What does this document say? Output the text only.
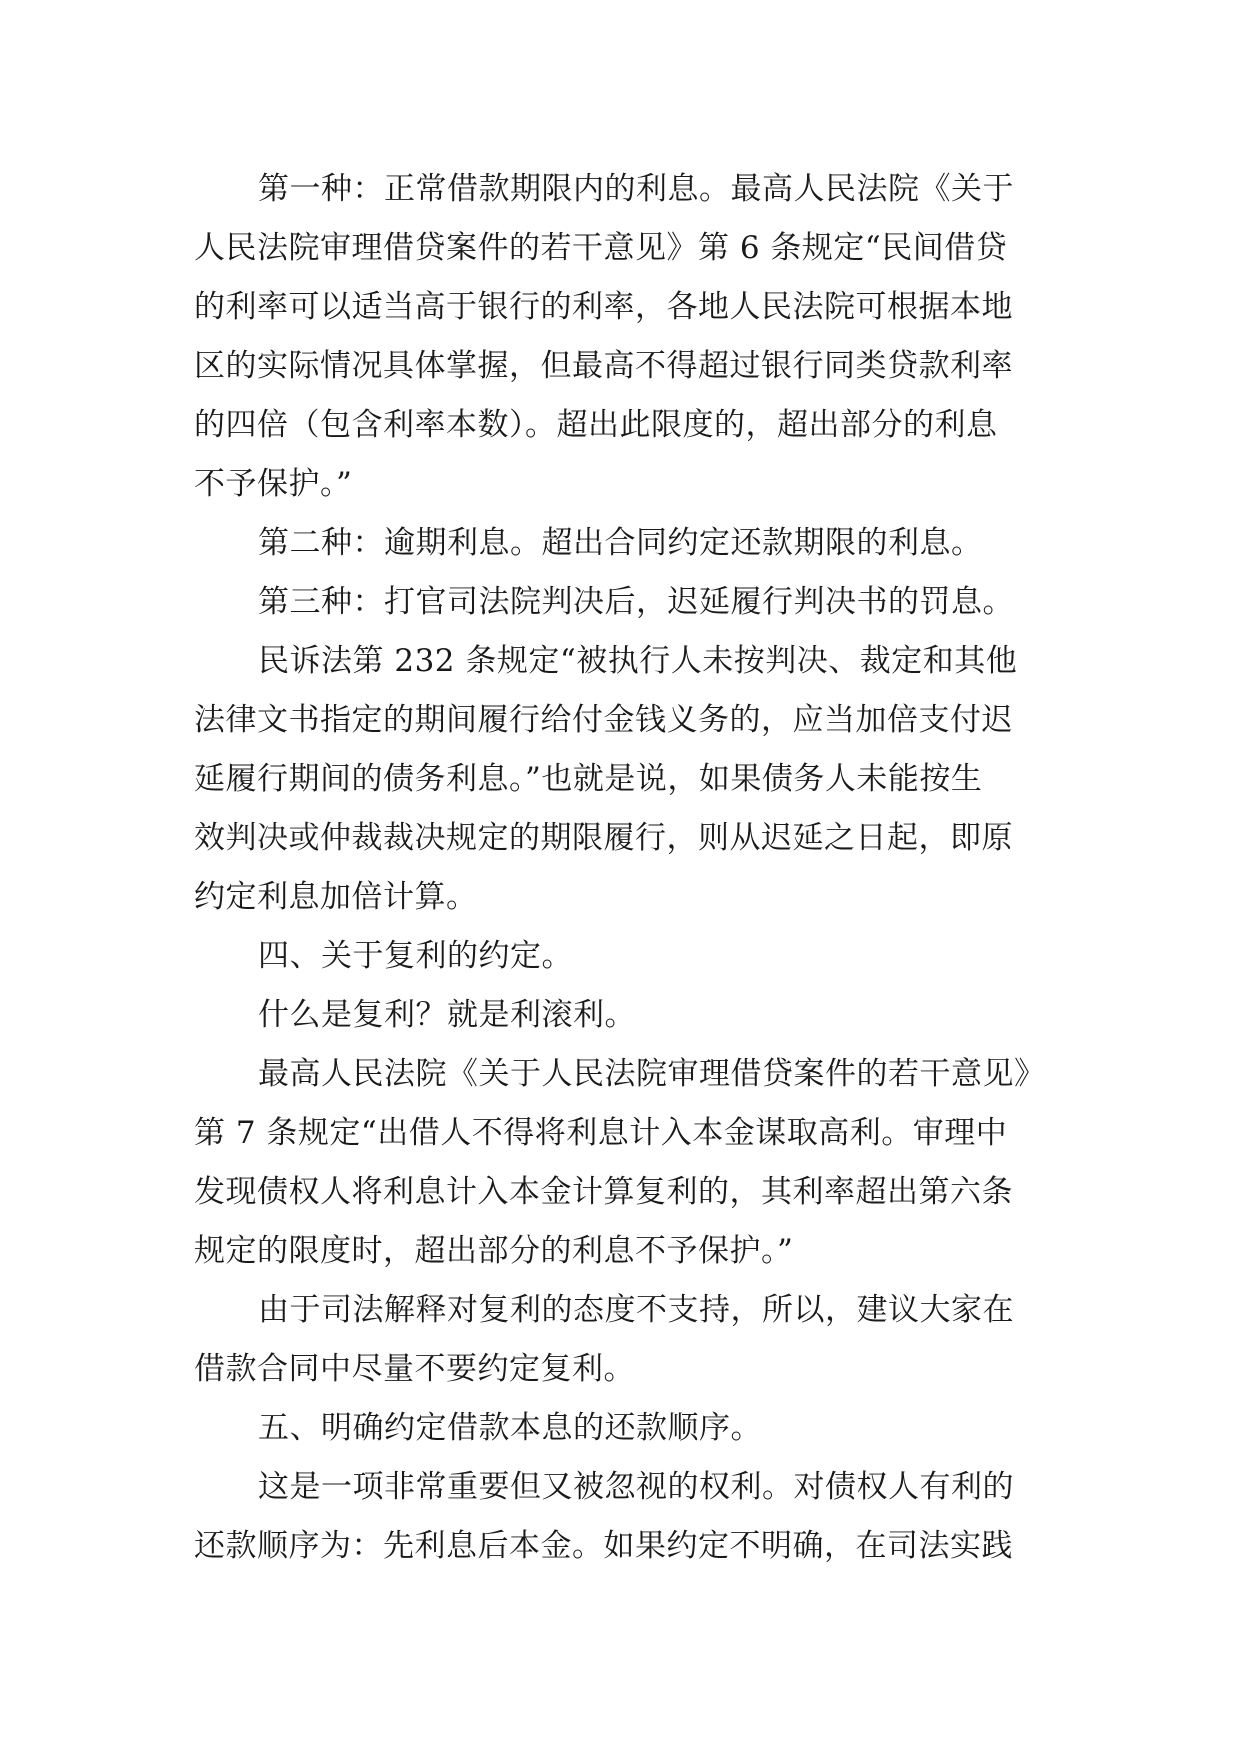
第一种：正常借款期限内的利息。最高人民法院《关于
人民法院审理借贷案件的若干意见》第 6 条规定“民间借贷
的利率可以适当高于银行的利率，各地人民法院可根据本地
区的实际情况具体掌握，但最高不得超过银行同类贷款利率
的四倍（包含利率本数）。超出此限度的，超出部分的利息
不予保护。”
第二种：逾期利息。超出合同约定还款期限的利息。
第三种：打官司法院判决后，迟延履行判决书的罚息。
民诉法第 232 条规定“被执行人未按判决、裁定和其他
法律文书指定的期间履行给付金钱义务的，应当加倍支付迟
延履行期间的债务利息。”也就是说，如果债务人未能按生
效判决或仲裁裁决规定的期限履行，则从迟延之日起，即原
约定利息加倍计算。
四、关于复利的约定。
什么是复利？就是利滚利。
最高人民法院《关于人民法院审理借贷案件的若干意见》
第 7 条规定“出借人不得将利息计入本金谋取高利。审理中
发现债权人将利息计入本金计算复利的，其利率超出第六条
规定的限度时，超出部分的利息不予保护。”
由于司法解释对复利的态度不支持，所以，建议大家在
借款合同中尽量不要约定复利。
五、明确约定借款本息的还款顺序。
这是一项非常重要但又被忽视的权利。对债权人有利的
还款顺序为：先利息后本金。如果约定不明确，在司法实践
